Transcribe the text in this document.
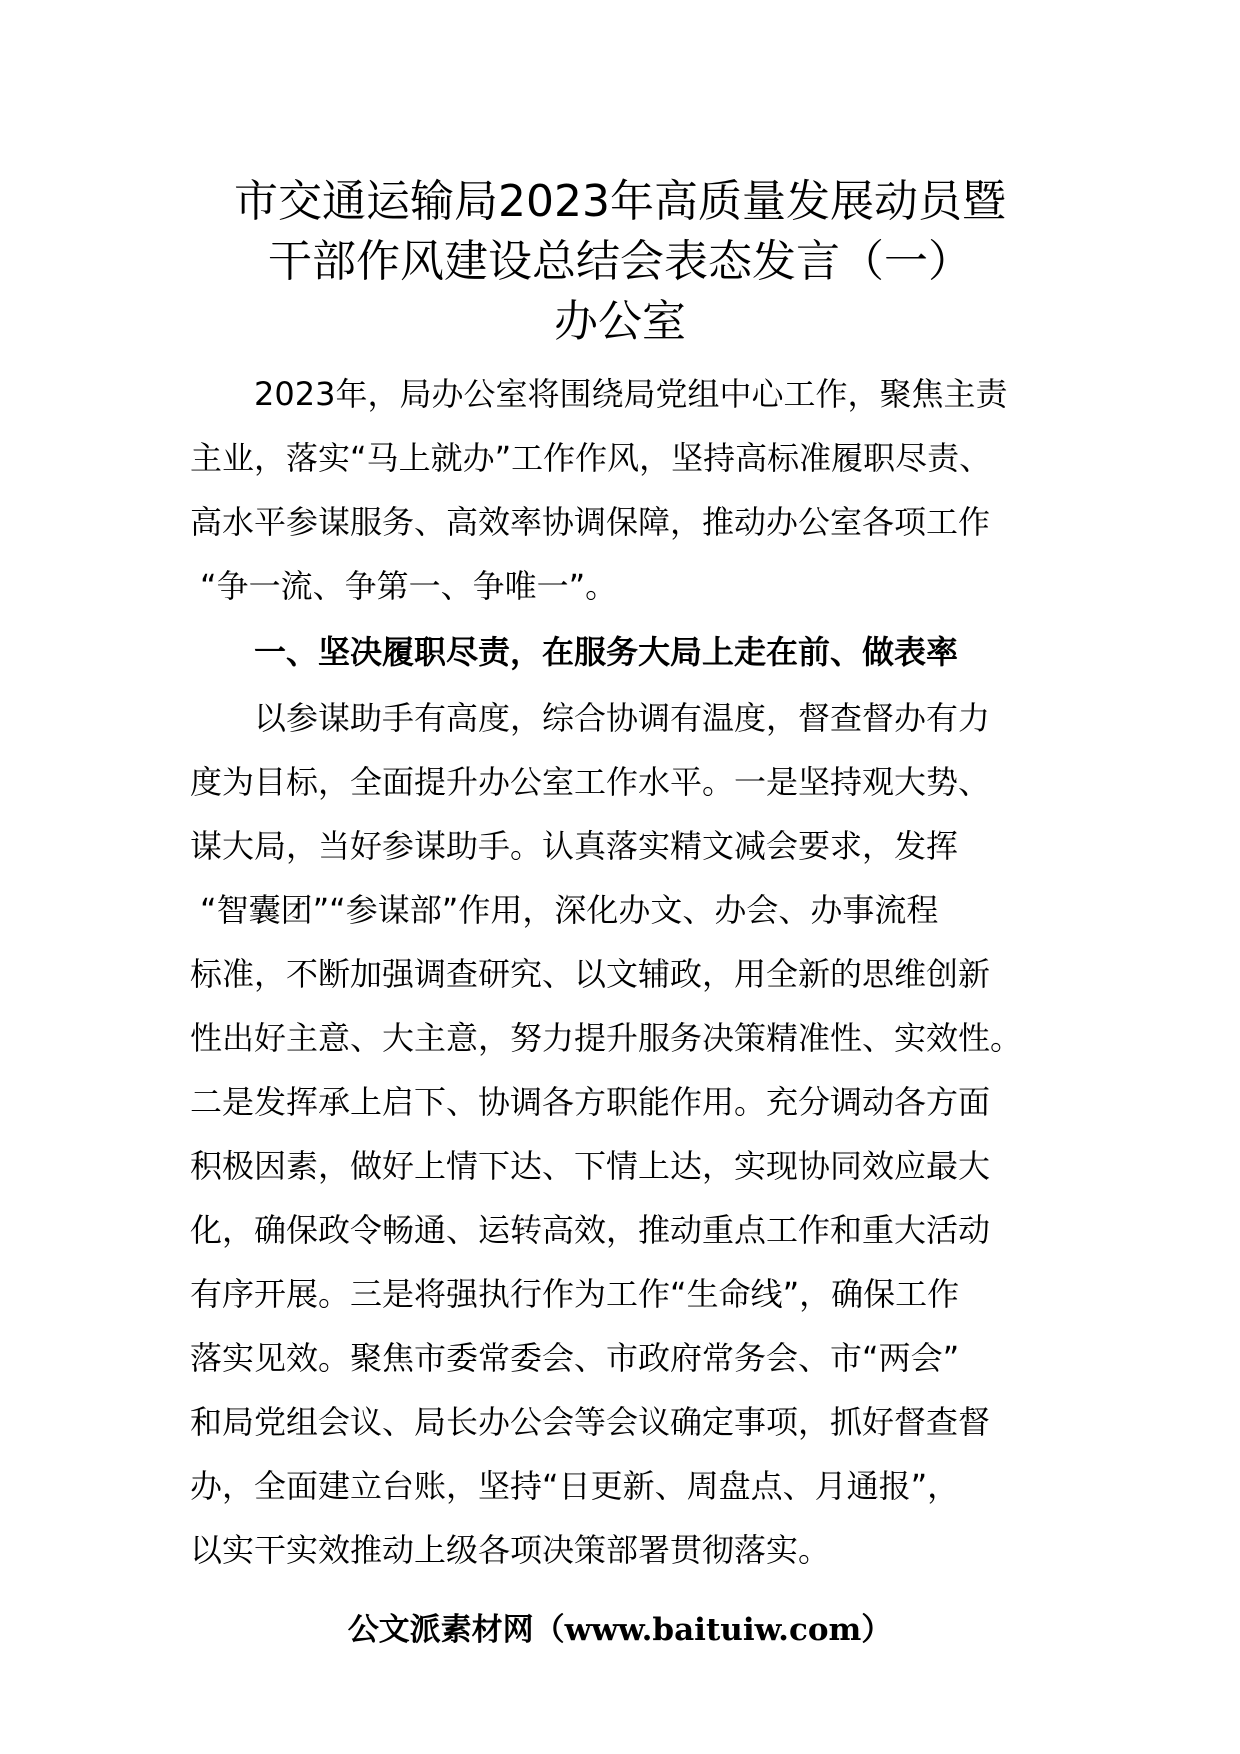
市交通运输局2023年高质量发展动员暨
干部作风建设总结会表态发言（一）
办公室
2023年，局办公室将围绕局党组中心工作，聚焦主责
主业，落实“马上就办”工作作风，坚持高标准履职尽责、
高水平参谋服务、高效率协调保障，推动办公室各项工作
“争一流、争第一、争唯一”。
一、坚决履职尽责，在服务大局上走在前、做表率
以参谋助手有高度，综合协调有温度，督查督办有力
度为目标，全面提升办公室工作水平。一是坚持观大势、
谋大局，当好参谋助手。认真落实精文减会要求，发挥
“智囊团”“参谋部”作用，深化办文、办会、办事流程
标准，不断加强调查研究、以文辅政，用全新的思维创新
性出好主意、大主意，努力提升服务决策精准性、实效性。
二是发挥承上启下、协调各方职能作用。充分调动各方面
积极因素，做好上情下达、下情上达，实现协同效应最大
化，确保政令畅通、运转高效，推动重点工作和重大活动
有序开展。三是将强执行作为工作“生命线”，确保工作
落实见效。聚焦市委常委会、市政府常务会、市“两会”
和局党组会议、局长办公会等会议确定事项，抓好督查督
办，全面建立台账，坚持“日更新、周盘点、月通报”，
以实干实效推动上级各项决策部署贯彻落实。
公文派素材网（www.baituiw.com）
